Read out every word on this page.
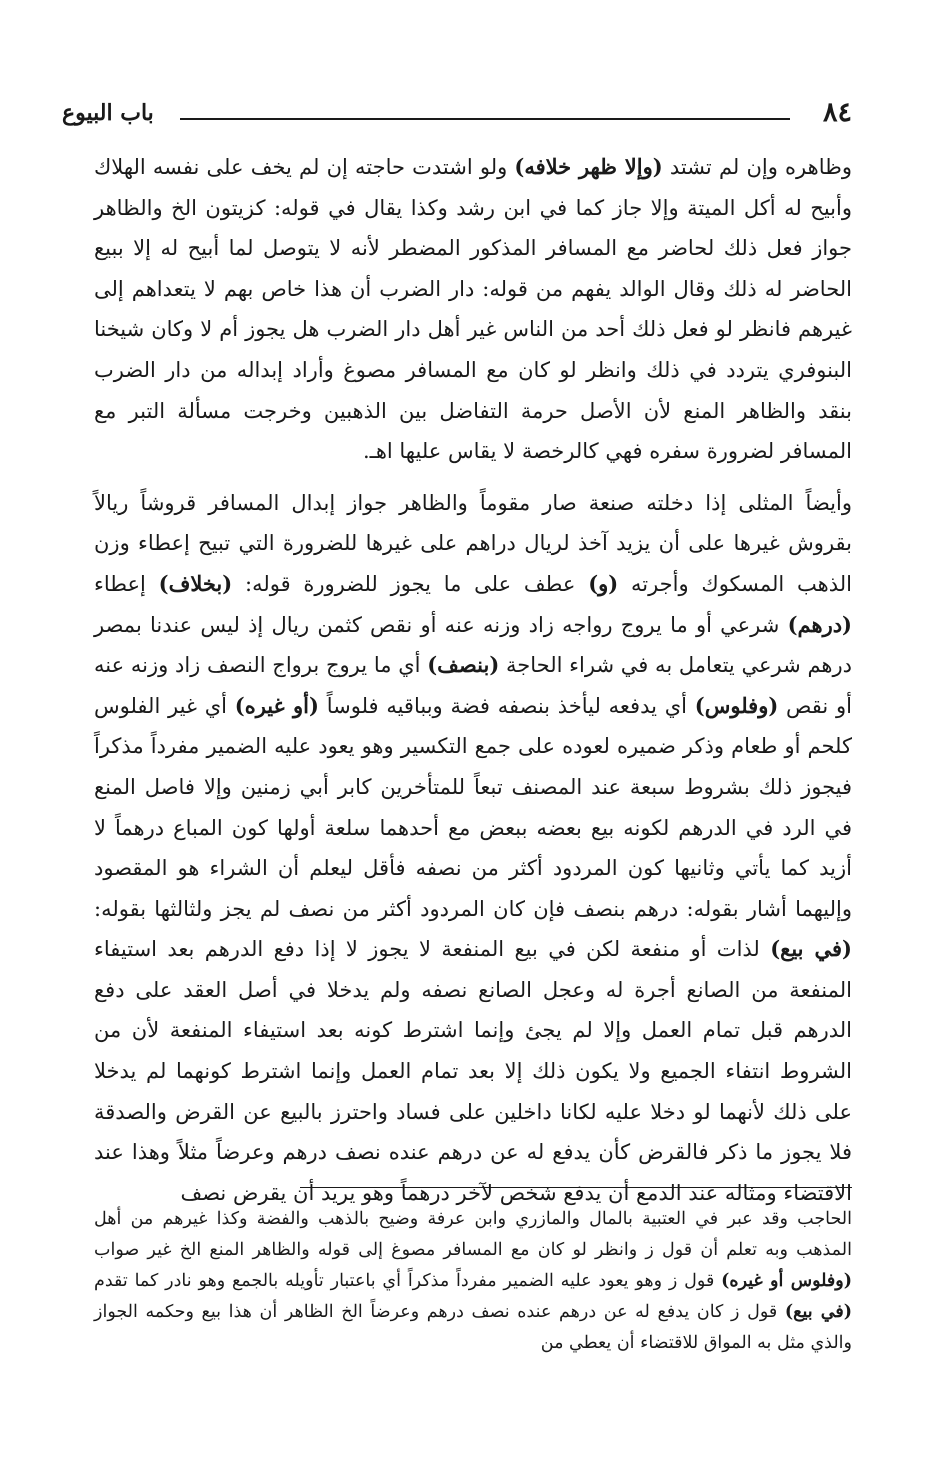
٨٤
باب البيوع

وظاهره وإن لم تشتد (وإلا ظهر خلافه) ولو اشتدت حاجته إن لم يخف على نفسه الهلاك وأبيح له أكل الميتة وإلا جاز كما في ابن رشد وكذا يقال في قوله: كزيتون الخ والظاهر جواز فعل ذلك لحاضر مع المسافر المذكور المضطر لأنه لا يتوصل لما أبيح له إلا ببيع الحاضر له ذلك وقال الوالد يفهم من قوله: دار الضرب أن هذا خاص بهم لا يتعداهم إلى غيرهم فانظر لو فعل ذلك أحد من الناس غير أهل دار الضرب هل يجوز أم لا وكان شيخنا البنوفري يتردد في ذلك وانظر لو كان مع المسافر مصوغ وأراد إبداله من دار الضرب بنقد والظاهر المنع لأن الأصل حرمة التفاضل بين الذهبين وخرجت مسألة التبر مع المسافر لضرورة سفره فهي كالرخصة لا يقاس عليها اهـ.

وأيضاً المثلى إذا دخلته صنعة صار مقوماً والظاهر جواز إبدال المسافر قروشاً ريالاً بقروش غيرها على أن يزيد آخذ لريال دراهم على غيرها للضرورة التي تبيح إعطاء وزن الذهب المسكوك وأجرته (و) عطف على ما يجوز للضرورة قوله: (بخلاف) إعطاء (درهم) شرعي أو ما يروج رواجه زاد وزنه عنه أو نقص كثمن ريال إذ ليس عندنا بمصر درهم شرعي يتعامل به في شراء الحاجة (بنصف) أي ما يروج برواج النصف زاد وزنه عنه أو نقص (وفلوس) أي يدفعه ليأخذ بنصفه فضة وبباقيه فلوساً (أو غيره) أي غير الفلوس كلحم أو طعام وذكر ضميره لعوده على جمع التكسير وهو يعود عليه الضمير مفرداً مذكراً فيجوز ذلك بشروط سبعة عند المصنف تبعاً للمتأخرين كابر أبي زمنين وإلا فاصل المنع في الرد في الدرهم لكونه بيع بعضه ببعض مع أحدهما سلعة أولها كون المباع درهماً لا أزيد كما يأتي وثانيها كون المردود أكثر من نصفه فأقل ليعلم أن الشراء هو المقصود وإليهما أشار بقوله: درهم بنصف فإن كان المردود أكثر من نصف لم يجز ولثالثها بقوله: (في بيع) لذات أو منفعة لكن في بيع المنفعة لا يجوز لا إذا دفع الدرهم بعد استيفاء المنفعة من الصانع أجرة له وعجل الصانع نصفه ولم يدخلا في أصل العقد على دفع الدرهم قبل تمام العمل وإلا لم يجئ وإنما اشترط كونه بعد استيفاء المنفعة لأن من الشروط انتفاء الجميع ولا يكون ذلك إلا بعد تمام العمل وإنما اشترط كونهما لم يدخلا على ذلك لأنهما لو دخلا عليه لكانا داخلين على فساد واحترز بالبيع عن القرض والصدقة فلا يجوز ما ذكر فالقرض كأن يدفع له عن درهم عنده نصف درهم وعرضاً مثلاً وهذا عند الاقتضاء ومثاله عند الدمع أن يدفع شخص لآخر درهماً وهو يريد أن يقرض نصف

الحاجب وقد عبر في العتبية بالمال والمازري وابن عرفة وضيح بالذهب والفضة وكذا غيرهم من أهل المذهب وبه تعلم أن قول ز وانظر لو كان مع المسافر مصوغ إلى قوله والظاهر المنع الخ غير صواب (وفلوس أو غيره) قول ز وهو يعود عليه الضمير مفرداً مذكراً أي باعتبار تأويله بالجمع وهو نادر كما تقدم (في بيع) قول ز كان يدفع له عن درهم عنده نصف درهم وعرضاً الخ الظاهر أن هذا بيع وحكمه الجواز والذي مثل به المواق للاقتضاء أن يعطي من
